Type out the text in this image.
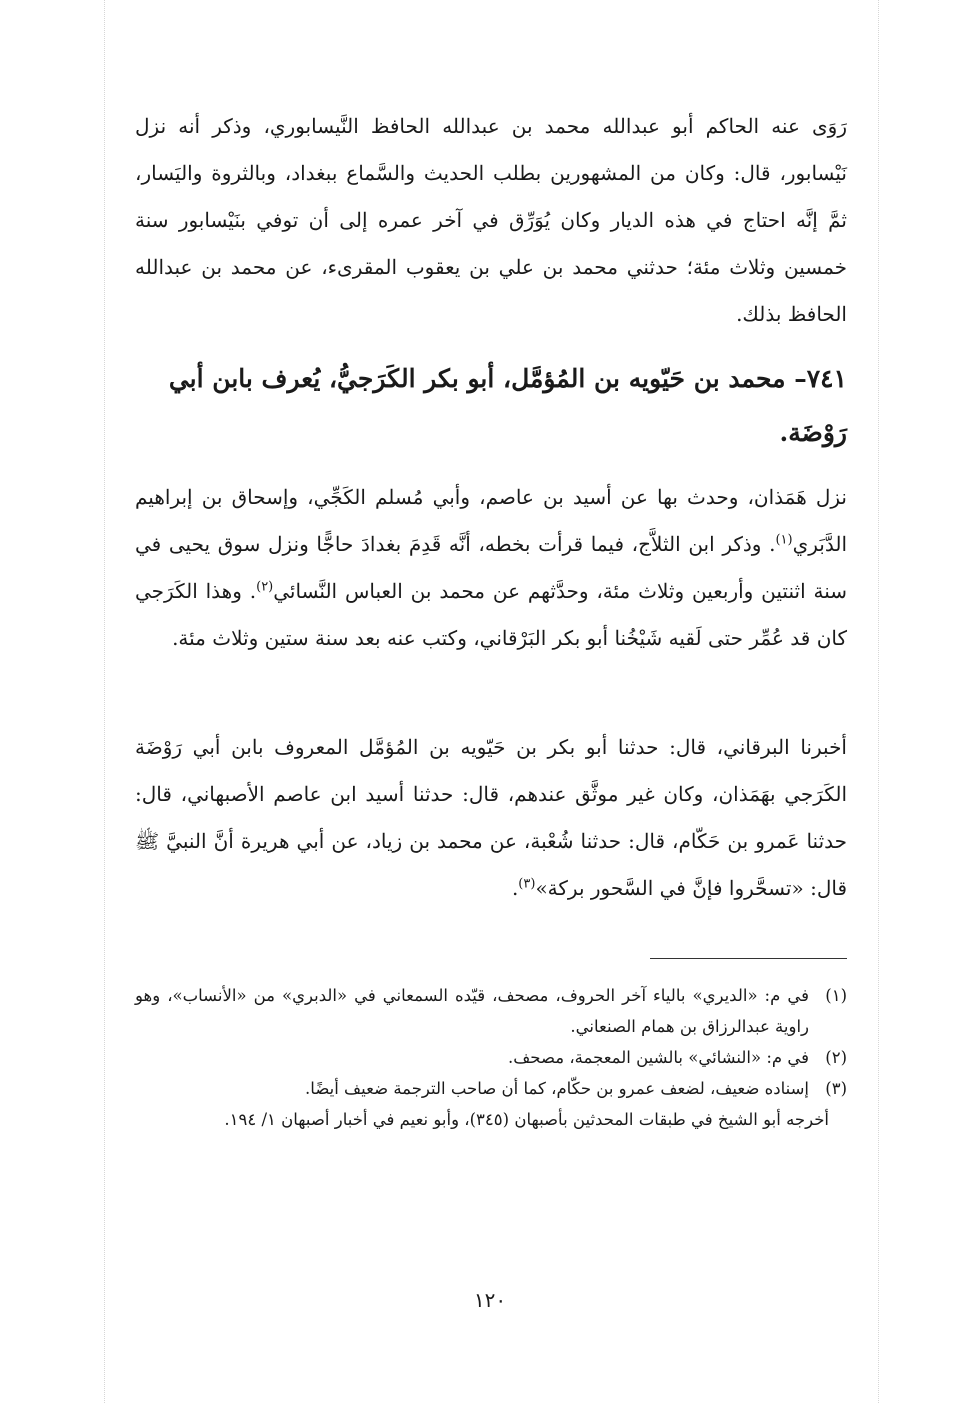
رَوَى عنه الحاكم أبو عبدالله محمد بن عبدالله الحافظ النَّيسابوري، وذكر أنه نزل نَيْسابور، قال: وكان من المشهورين بطلب الحديث والسَّماع ببغداد، وبالثروة واليَسار، ثمَّ إنَّه احتاج في هذه الديار وكان يُوَرِّق في آخر عمره إلى أن توفي بنَيْسابور سنة خمسين وثلاث مئة؛ حدثني محمد بن علي بن يعقوب المقرىء، عن محمد بن عبدالله الحافظ بذلك.

٧٤١– محمد بن حَيّويه بن المُؤمَّل، أبو بكر الكَرَجيُّ، يُعرف بابن أبي رَوْضَة.

نزل هَمَذان، وحدث بها عن أسيد بن عاصم، وأبي مُسلم الكَجِّي، وإسحاق بن إبراهيم الدَّبَري$^{(١)}$. وذكر ابن الثلاَّج، فيما قرأت بخطه، أنَّه قَدِمَ بغدادَ حاجًّا ونزل سوق يحيى في سنة اثنتين وأربعين وثلاث مئة، وحدَّثهم عن محمد بن العباس النَّسائي$^{(٢)}$. وهذا الكَرَجي كان قد عُمِّر حتى لَقيه شَيْخُنا أبو بكر البَرْقاني، وكتب عنه بعد سنة ستين وثلاث مئة.

أخبرنا البرقاني، قال: حدثنا أبو بكر بن حَيّويه بن المُؤمَّل المعروف بابن أبي رَوْضَة الكَرَجي بهَمَذان، وكان غير موثَّق عندهم، قال: حدثنا أسيد ابن عاصم الأصبهاني، قال: حدثنا عَمرو بن حَكّام، قال: حدثنا شُعْبة، عن محمد بن زياد، عن أبي هريرة أنَّ النبيَّ ﷺ قال: «تسحَّروا فإنَّ في السَّحور بركة»$^{(٣)}$.

(١)
في م: «الديري» بالياء آخر الحروف، مصحف، قيّده السمعاني في «الدبري» من «الأنساب»، وهو راوية عبدالرزاق بن همام الصنعاني.
(٢)
في م: «النشائي» بالشين المعجمة، مصحف.
(٣)
إسناده ضعيف، لضعف عمرو بن حكّام، كما أن صاحب الترجمة ضعيف أيضًا.

أخرجه أبو الشيخ في طبقات المحدثين بأصبهان (٣٤٥)، وأبو نعيم في أخبار أصبهان ١/ ١٩٤.

١٢٠
